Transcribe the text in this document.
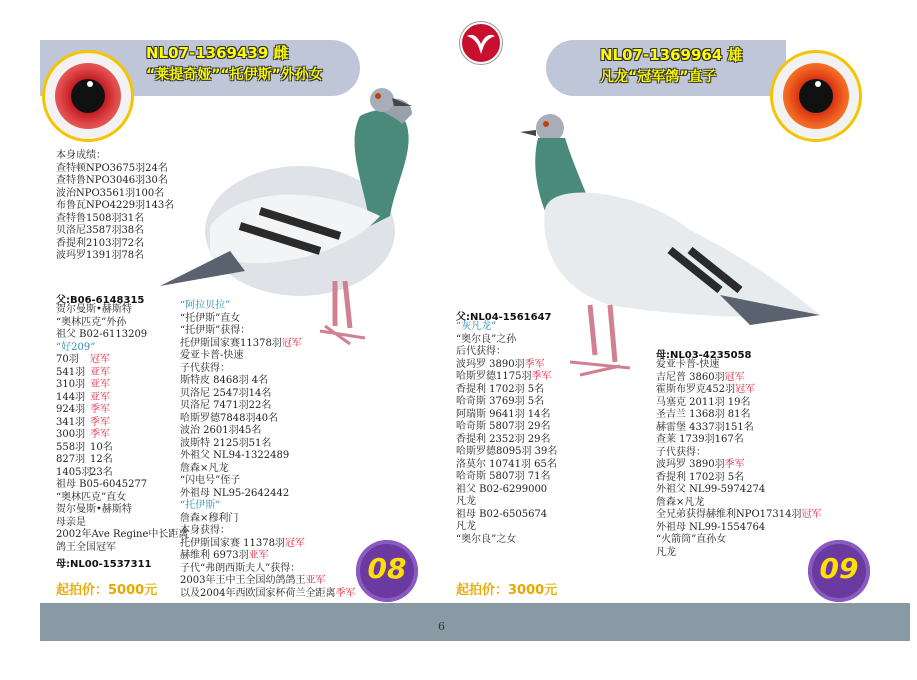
NL07-1369439 雌
“莱提奇娅”“托伊斯”外孙女
NL07-1369964 雄
凡龙“冠军鸽”直子
本身成绩：
查特顿NPO3675羽24名
查特鲁NPO3046羽30名
波治NPO3561羽100名
布鲁瓦NPO4229羽143名
查特鲁1508羽31名
贝洛尼3587羽38名
香提利2103羽72名
波玛罗1391羽78名
父:B06-6148315
贺尔曼斯•赫斯特
“奥林匹克”外孙
祖父 B02-6113209
“好209”
70羽 冠军
541羽 亚军
310羽 亚军
144羽 亚军
924羽 季军
341羽 季军
300羽 季军
558羽 10名
827羽 12名
1405羽23名
祖母 B05-6045277
“奥林匹克”直女
贺尔曼斯•赫斯特
母亲是
2002年Ave Regine中长距离
鸽王全国冠军
母:NL00-1537311
“阿拉贝拉”
“托伊斯”直女
“托伊斯”获得：
托伊斯国家赛11378羽冠军
爱亚卡普-快速
子代获得：
斯特皮 8468羽 4名
贝洛尼 2547羽14名
贝洛尼 7471羽22名
哈斯罗德7848羽40名
波治 2601羽45名
波斯特 2125羽51名
外祖父 NL94-1322489
詹森×凡龙
“闪电号”侄子
外祖母 NL95-2642442
“托伊斯”
詹森×穆利门
本身获得：
托伊斯国家赛 11378羽冠军
赫维利 6973羽亚军
子代“弗朗西斯夫人”获得：
2003年王中王全国幼鸽鸽王亚军
以及2004年西欧国家杯荷兰全距离季军
起拍价：5000元
08
父:NL04-1561647
“灰凡龙”
“奥尔良”之孙
后代获得：
波玛罗 3890羽季军
哈斯罗德1175羽季军
香提利 1702羽 5名
哈奇斯 3769羽 5名
阿瑞斯 9641羽 14名
哈奇斯 5807羽 29名
香提利 2352羽 29名
哈斯罗德8095羽 39名
洛莫尔 10741羽 65名
哈奇斯 5807羽 71名
祖父 B02-6299000
凡龙
祖母 B02-6505674
凡龙
“奥尔良”之女
母:NL03-4235058
爱亚卡普-快速
吉尼普 3860羽冠军
霍斯布罗克452羽冠军
马塞克 2011羽 19名
圣吉兰 1368羽 81名
赫雷堡 4337羽151名
查莱 1739羽167名
子代获得：
波玛罗 3890羽季军
香提利 1702羽 5名
外祖父 NL99-5974274
詹森×凡龙
全兄弟获得赫维利NPO17314羽冠军
外祖母 NL99-1554764
“火箭筒”直孙女
凡龙
起拍价：3000元
09
6
